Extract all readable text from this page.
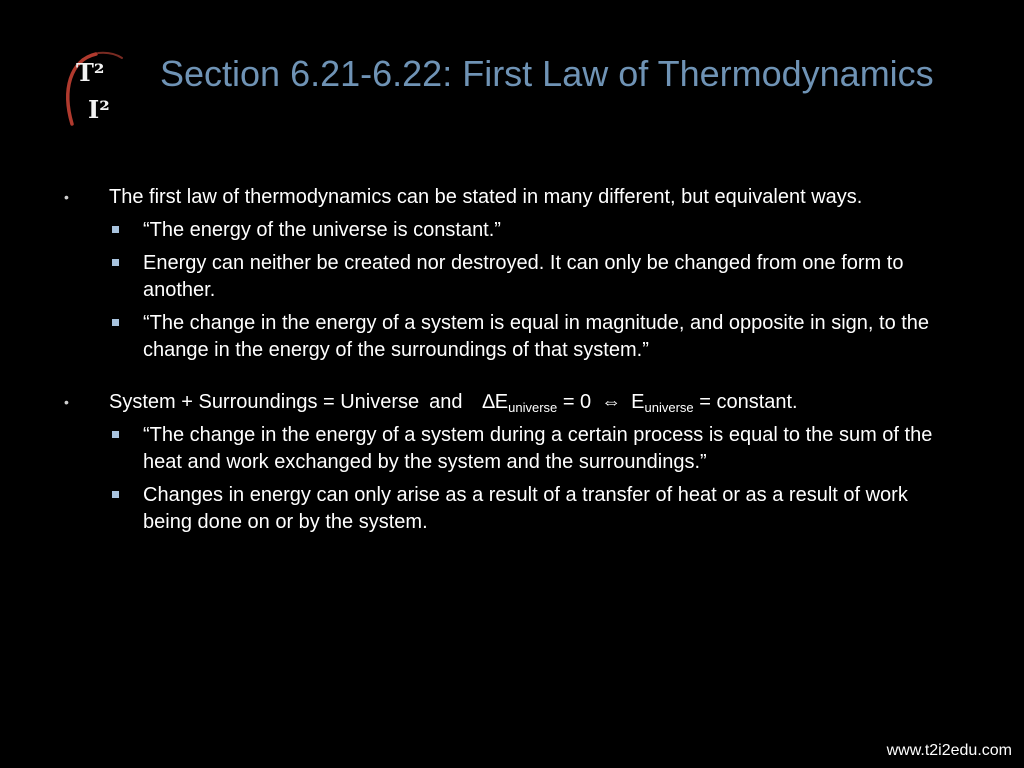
T²
I²
Section 6.21-6.22: First Law of Thermodynamics
• The first law of thermodynamics can be stated in many different, but equivalent ways.
“The energy of the universe is constant.”
Energy can neither be created nor destroyed. It can only be changed from one form to another.
“The change in the energy of a system is equal in magnitude, and opposite in sign, to the change in the energy of the surroundings of that system.”
• System + Surroundings = Universe and $\Delta E_{universe} = 0$ ⇔ $E_{universe}$ = constant.
“The change in the energy of a system during a certain process is equal to the sum of the heat and work exchanged by the system and the surroundings.”
Changes in energy can only arise as a result of a transfer of heat or as a result of work being done on or by the system.
www.t2i2edu.com
